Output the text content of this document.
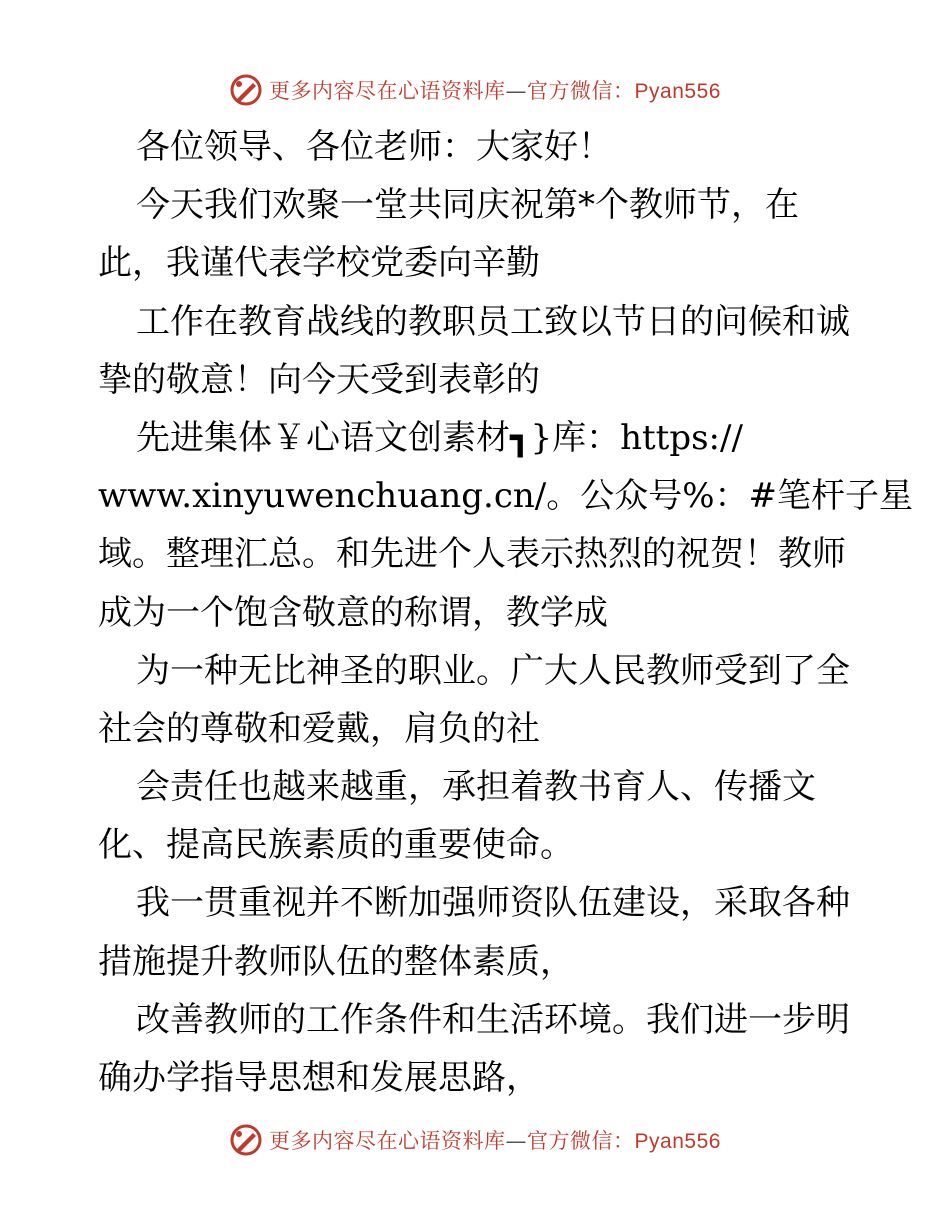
更多内容尽在心语资料库—官方微信：Pyan556
各位领导、各位老师：大家好！
今天我们欢聚一堂共同庆祝第*个教师节，在
此，我谨代表学校党委向辛勤
工作在教育战线的教职员工致以节日的问候和诚
挚的敬意！向今天受到表彰的
先进集体￥心语文创素材┓}库：https://
www.xinyuwenchuang.cn/。公众号%：#笔杆子星
域。整理汇总。和先进个人表示热烈的祝贺！教师
成为一个饱含敬意的称谓，教学成
为一种无比神圣的职业。广大人民教师受到了全
社会的尊敬和爱戴，肩负的社
会责任也越来越重，承担着教书育人、传播文
化、提高民族素质的重要使命。
我一贯重视并不断加强师资队伍建设，采取各种
措施提升教师队伍的整体素质，
改善教师的工作条件和生活环境。我们进一步明
确办学指导思想和发展思路，
更多内容尽在心语资料库—官方微信：Pyan556
